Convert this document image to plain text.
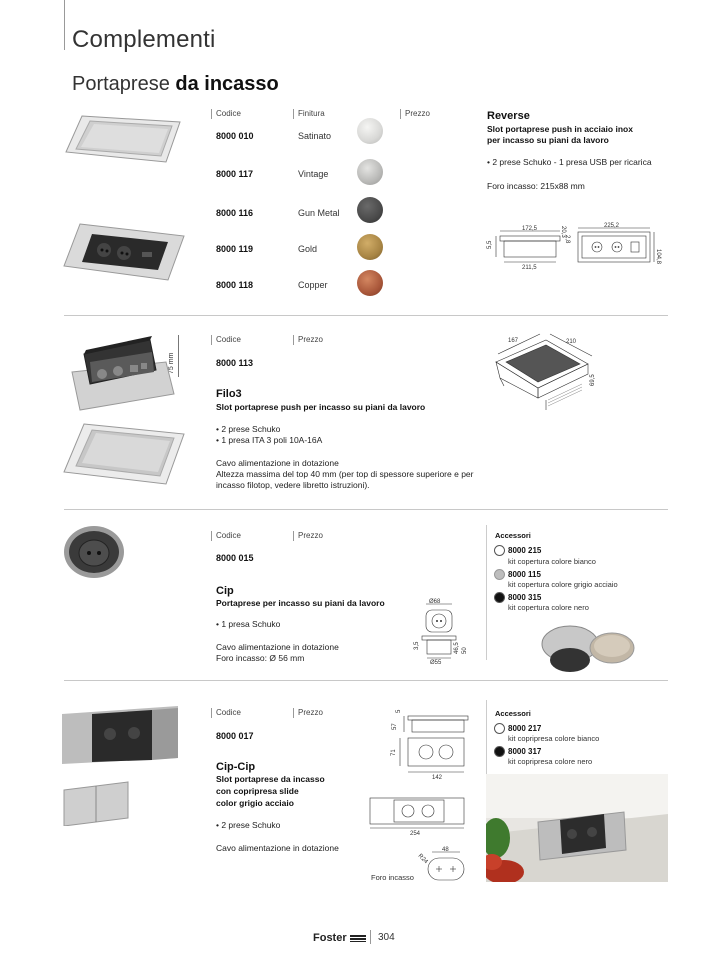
Complementi
Portaprese da incasso
Codice	Finitura	Prezzo
8000 010	Satinato
8000 117	Vintage
8000 116	Gun Metal
8000 119	Gold
8000 118	Copper
Reverse
Slot portaprese push in acciaio inox
per incasso su piani da lavoro
• 2 prese Schuko - 1 presa USB per ricarica
Foro incasso: 215x88 mm
172,5
211,5
225,2
104,8
20,3
2,8
5,5
75 mm
Codice	Prezzo
8000 113
Filo3
Slot portaprese push per incasso su piani da lavoro
• 2 prese Schuko
• 1 presa ITA 3 poli 10A-16A
Cavo alimentazione in dotazione
Altezza massima del top 40 mm (per top di spessore superiore e per
incasso filotop, vedere libretto istruzioni).
167	210
69,5
Codice	Prezzo
8000 015
Cip
Portaprese per incasso su piani da lavoro
• 1 presa Schuko
Cavo alimentazione in dotazione
Foro incasso: Ø 56 mm
Ø68
Ø55
3,5	46,5 50
Accessori
8000 215
kit copertura colore bianco
8000 115
kit copertura colore grigio acciaio
8000 315
kit copertura colore nero
Codice	Prezzo
8000 017
Cip-Cip
Slot portaprese da incasso
con copripresa slide
color grigio acciaio
• 2 prese Schuko
Cavo alimentazione in dotazione
5
57
71
142
254
48
R24
Foro incasso
Accessori
8000 217
kit copripresa colore bianco
8000 317
kit copripresa colore nero
Foster	304
